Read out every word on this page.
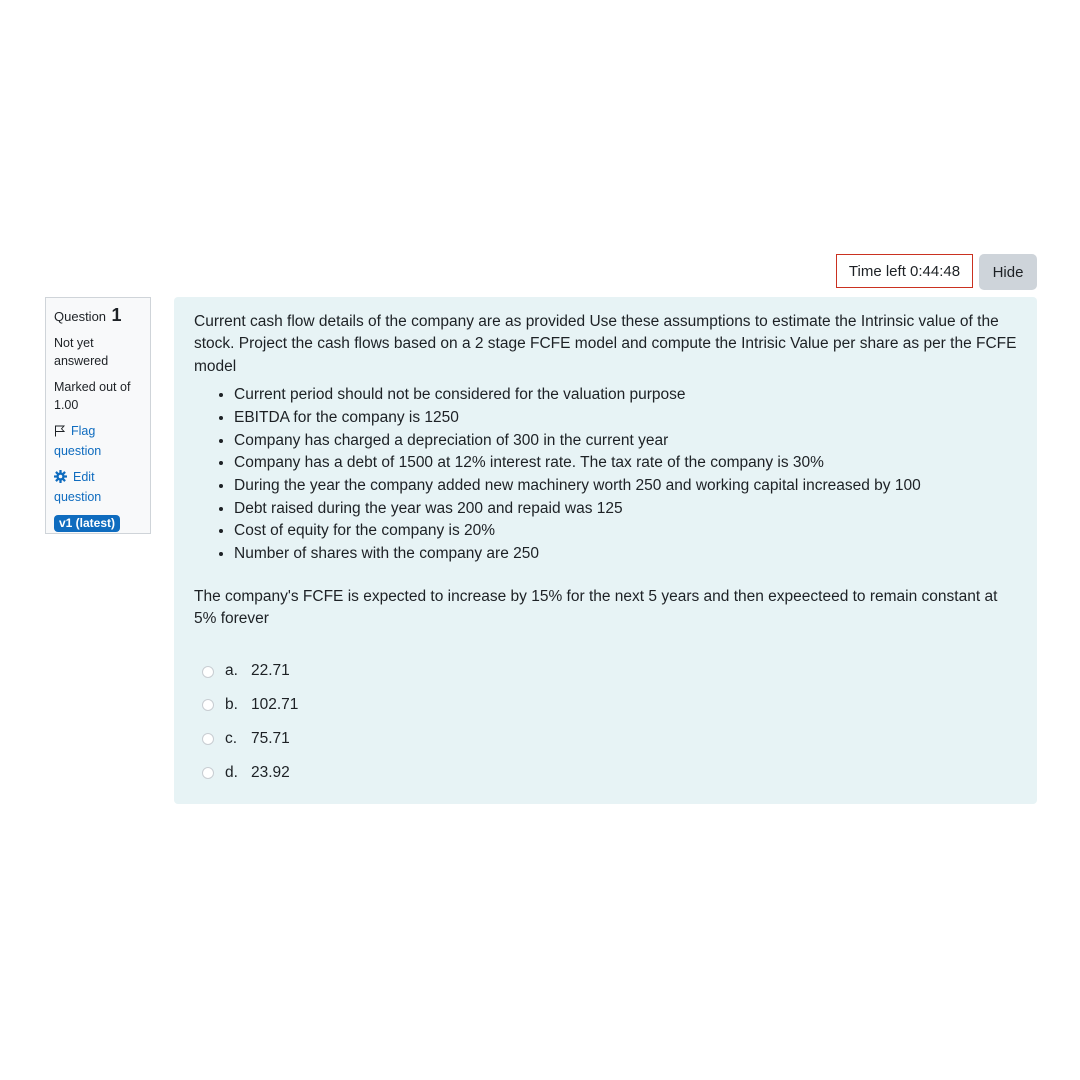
Time left 0:44:48	Hide
Question 1
Not yet answered
Marked out of 1.00
Flag question
Edit question
v1 (latest)

Current cash flow details of the company are as provided Use these assumptions to estimate the Intrinsic value of the stock. Project the cash flows based on a 2 stage FCFE model and compute the Intrisic Value per share as per the FCFE model

• Current period should not be considered for the valuation purpose
• EBITDA for the company is 1250
• Company has charged a depreciation of 300 in the current year
• Company has a debt of 1500 at 12% interest rate. The tax rate of the company is 30%
• During the year the company added new machinery worth 250 and working capital increased by 100
• Debt raised during the year was 200 and repaid was 125
• Cost of equity for the company is 20%
• Number of shares with the company are 250

The company's FCFE is expected to increase by 15% for the next 5 years and then expeecteed to remain constant at 5% forever

a. 22.71
b. 102.71
c. 75.71
d. 23.92
